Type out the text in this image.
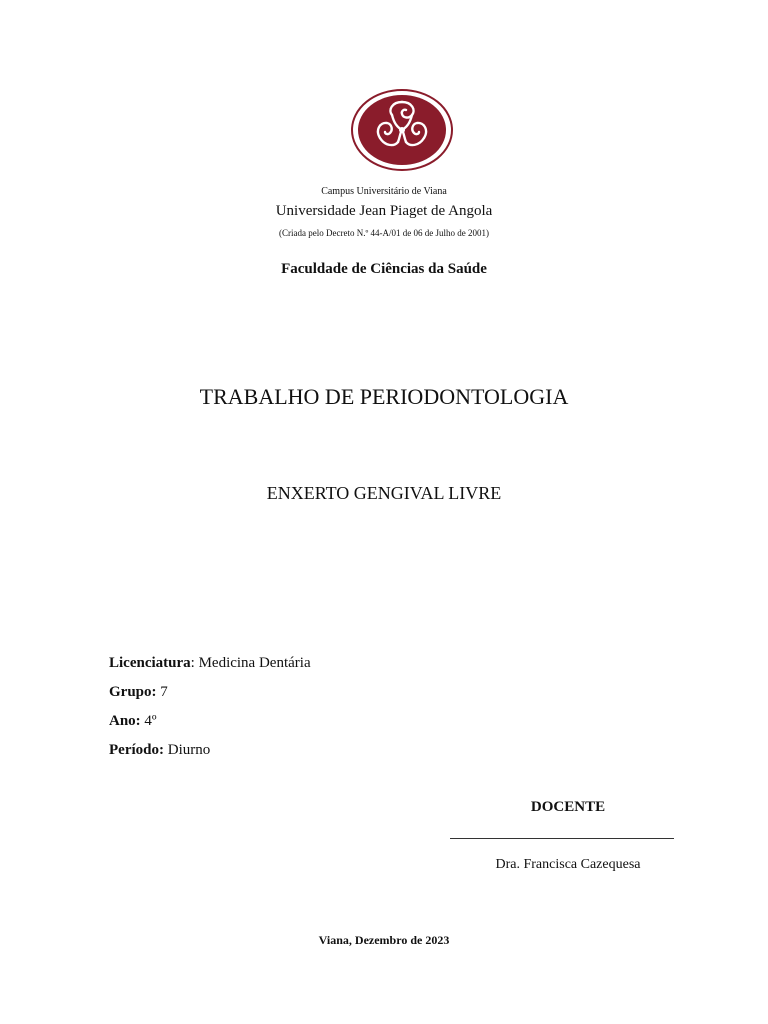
Campus Universitário de Viana
Universidade Jean Piaget de Angola
(Criada pelo Decreto N.º 44-A/01 de 06 de Julho de 2001)
Faculdade de Ciências da Saúde
TRABALHO DE PERIODONTOLOGIA
ENXERTO GENGIVAL LIVRE
Licenciatura: Medicina Dentária
Grupo: 7
Ano: 4º
Período: Diurno
DOCENTE
Dra. Francisca Cazequesa
Viana, Dezembro de 2023
